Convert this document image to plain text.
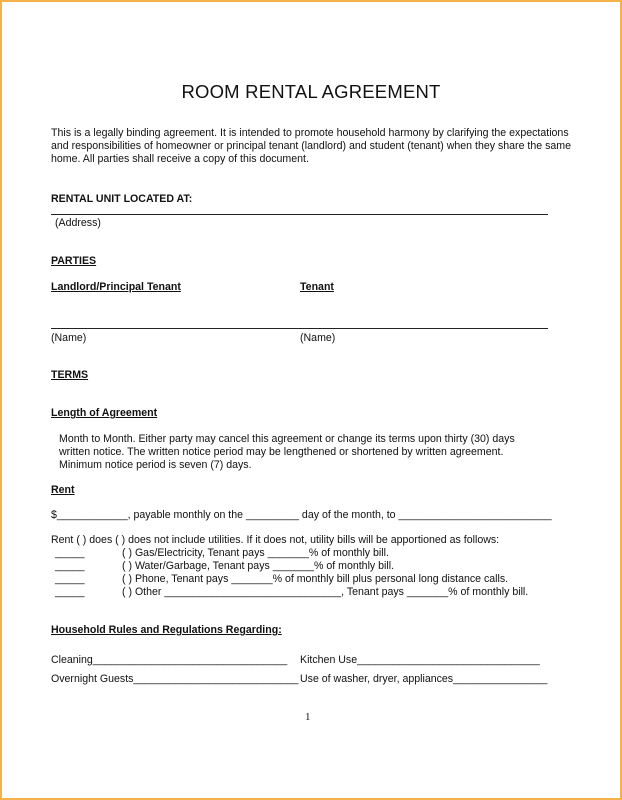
ROOM RENTAL AGREEMENT
This is a legally binding agreement. It is intended to promote household harmony by clarifying the expectations and responsibilities of homeowner or principal tenant (landlord) and student (tenant) when they share the same home. All parties shall receive a copy of this document.
RENTAL UNIT LOCATED AT:
(Address)
PARTIES
Landlord/Principal Tenant	Tenant
(Name)	(Name)
TERMS
Length of Agreement
Month to Month. Either party may cancel this agreement or change its terms upon thirty (30) days
written notice. The written notice period may be lengthened or shortened by written agreement.
Minimum notice period is seven (7) days.
Rent
$____________, payable monthly on the _________ day of the month, to __________________________
Rent ( ) does ( ) does not include utilities. If it does not, utility bills will be apportioned as follows:
_____	( ) Gas/Electricity, Tenant pays _______% of monthly bill.
_____	( ) Water/Garbage, Tenant pays _______% of monthly bill.
_____	( ) Phone, Tenant pays _______% of monthly bill plus personal long distance calls.
_____	( ) Other ______________________________, Tenant pays _______% of monthly bill.
Household Rules and Regulations Regarding:
Cleaning_________________________________ Kitchen Use_______________________________
Overnight Guests____________________________ Use of washer, dryer, appliances________________
1
